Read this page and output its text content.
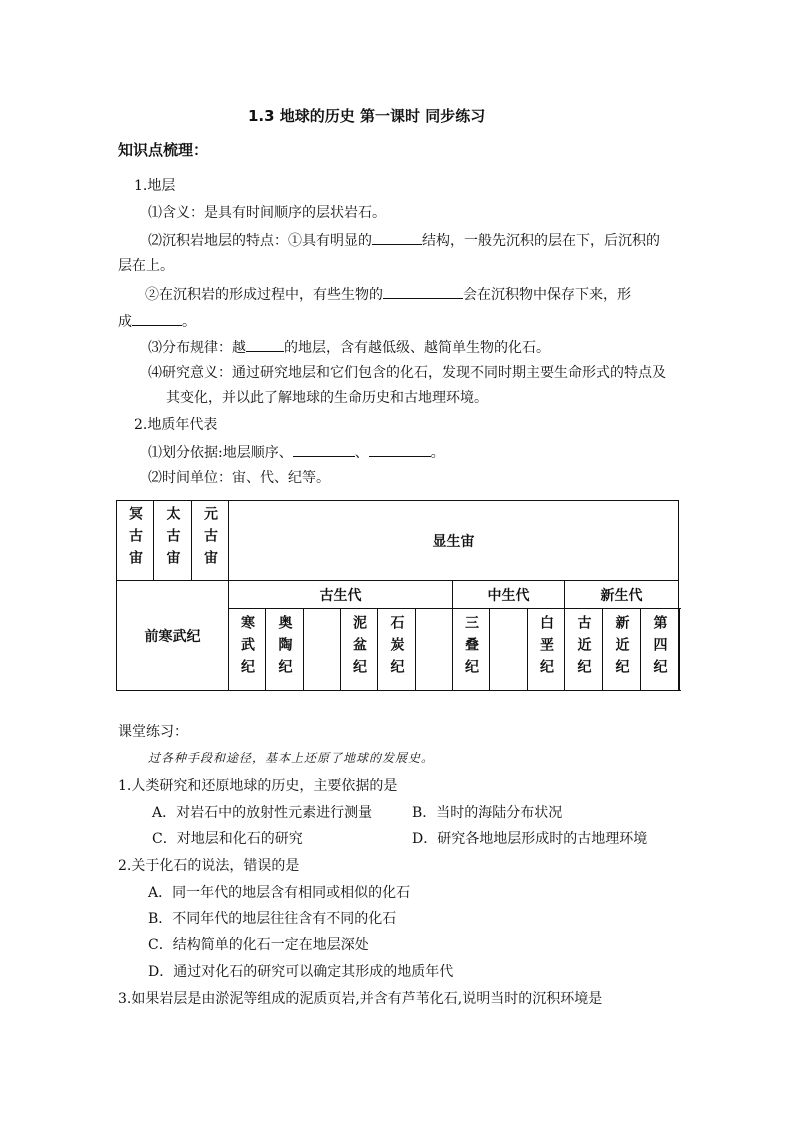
1.3 地球的历史 第一课时 同步练习
知识点梳理：
1.地层
⑴含义：是具有时间顺序的层状岩石。
⑵沉积岩地层的特点：①具有明显的	结构，一般先沉积的层在下，后沉积的
层在上。
②在沉积岩的形成过程中，有些生物的	会在沉积物中保存下来，形
成	。
⑶分布规律：越	的地层，含有越低级、越简单生物的化石。
⑷研究意义：通过研究地层和它们包含的化石，发现不同时期主要生命形式的特点及
其变化，并以此了解地球的生命历史和古地理环境。
2.地质年代表
⑴划分依据:地层顺序、	、	。
⑵时间单位：宙、代、纪等。
冥古宙	太古宙	元古宙	显生宙												
前寒武纪			古生代						中生代			新生代			
			寒武纪	奥陶纪		泥盆纪	石炭纪		三叠纪		白垩纪	古近纪	新近纪	第四纪			
课堂练习：
过各种手段和途径，基本上还原了地球的发展史。
1.人类研究和还原地球的历史，主要依据的是
A．对岩石中的放射性元素进行测量	B．当时的海陆分布状况
C．对地层和化石的研究	D．研究各地地层形成时的古地理环境
2.关于化石的说法，错误的是
A．同一年代的地层含有相同或相似的化石
B．不同年代的地层往往含有不同的化石
C．结构简单的化石一定在地层深处
D．通过对化石的研究可以确定其形成的地质年代
3.如果岩层是由淤泥等组成的泥质页岩,并含有芦苇化石,说明当时的沉积环境是
